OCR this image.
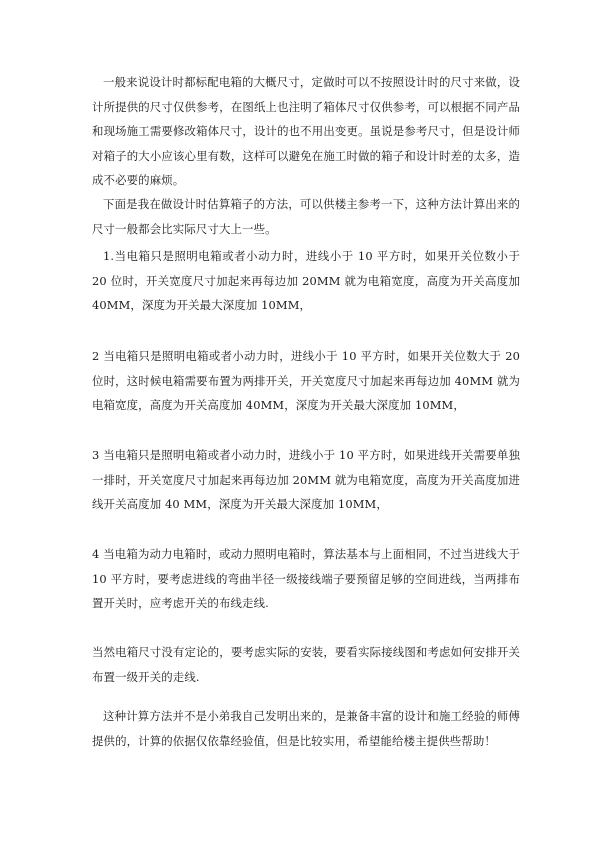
一般来说设计时都标配电箱的大概尺寸，定做时可以不按照设计时的尺寸来做，设计所提供的尺寸仅供参考，在图纸上也注明了箱体尺寸仅供参考，可以根据不同产品和现场施工需要修改箱体尺寸，设计的也不用出变更。虽说是参考尺寸，但是设计师对箱子的大小应该心里有数，这样可以避免在施工时做的箱子和设计时差的太多，造成不必要的麻烦。

下面是我在做设计时估算箱子的方法，可以供楼主参考一下，这种方法计算出来的尺寸一般都会比实际尺寸大上一些。

1.当电箱只是照明电箱或者小动力时，进线小于 10 平方时，如果开关位数小于 20 位时，开关宽度尺寸加起来再每边加 20MM 就为电箱宽度，高度为开关高度加 40MM，深度为开关最大深度加 10MM，

2 当电箱只是照明电箱或者小动力时，进线小于 10 平方时，如果开关位数大于 20 位时，这时候电箱需要布置为两排开关，开关宽度尺寸加起来再每边加 40MM 就为电箱宽度，高度为开关高度加 40MM，深度为开关最大深度加 10MM，

3 当电箱只是照明电箱或者小动力时，进线小于 10 平方时，如果进线开关需要单独一排时，开关宽度尺寸加起来再每边加 20MM 就为电箱宽度，高度为开关高度加进线开关高度加 40 MM，深度为开关最大深度加 10MM，

4 当电箱为动力电箱时，或动力照明电箱时，算法基本与上面相同，不过当进线大于 10 平方时，要考虑进线的弯曲半径一级接线端子要预留足够的空间进线，当两排布置开关时，应考虑开关的布线走线.

当然电箱尺寸没有定论的，要考虑实际的安装，要看实际接线图和考虑如何安排开关布置一级开关的走线.

这种计算方法并不是小弟我自己发明出来的，是兼备丰富的设计和施工经验的师傅提供的，计算的依据仅依靠经验值，但是比较实用，希望能给楼主提供些帮助！
